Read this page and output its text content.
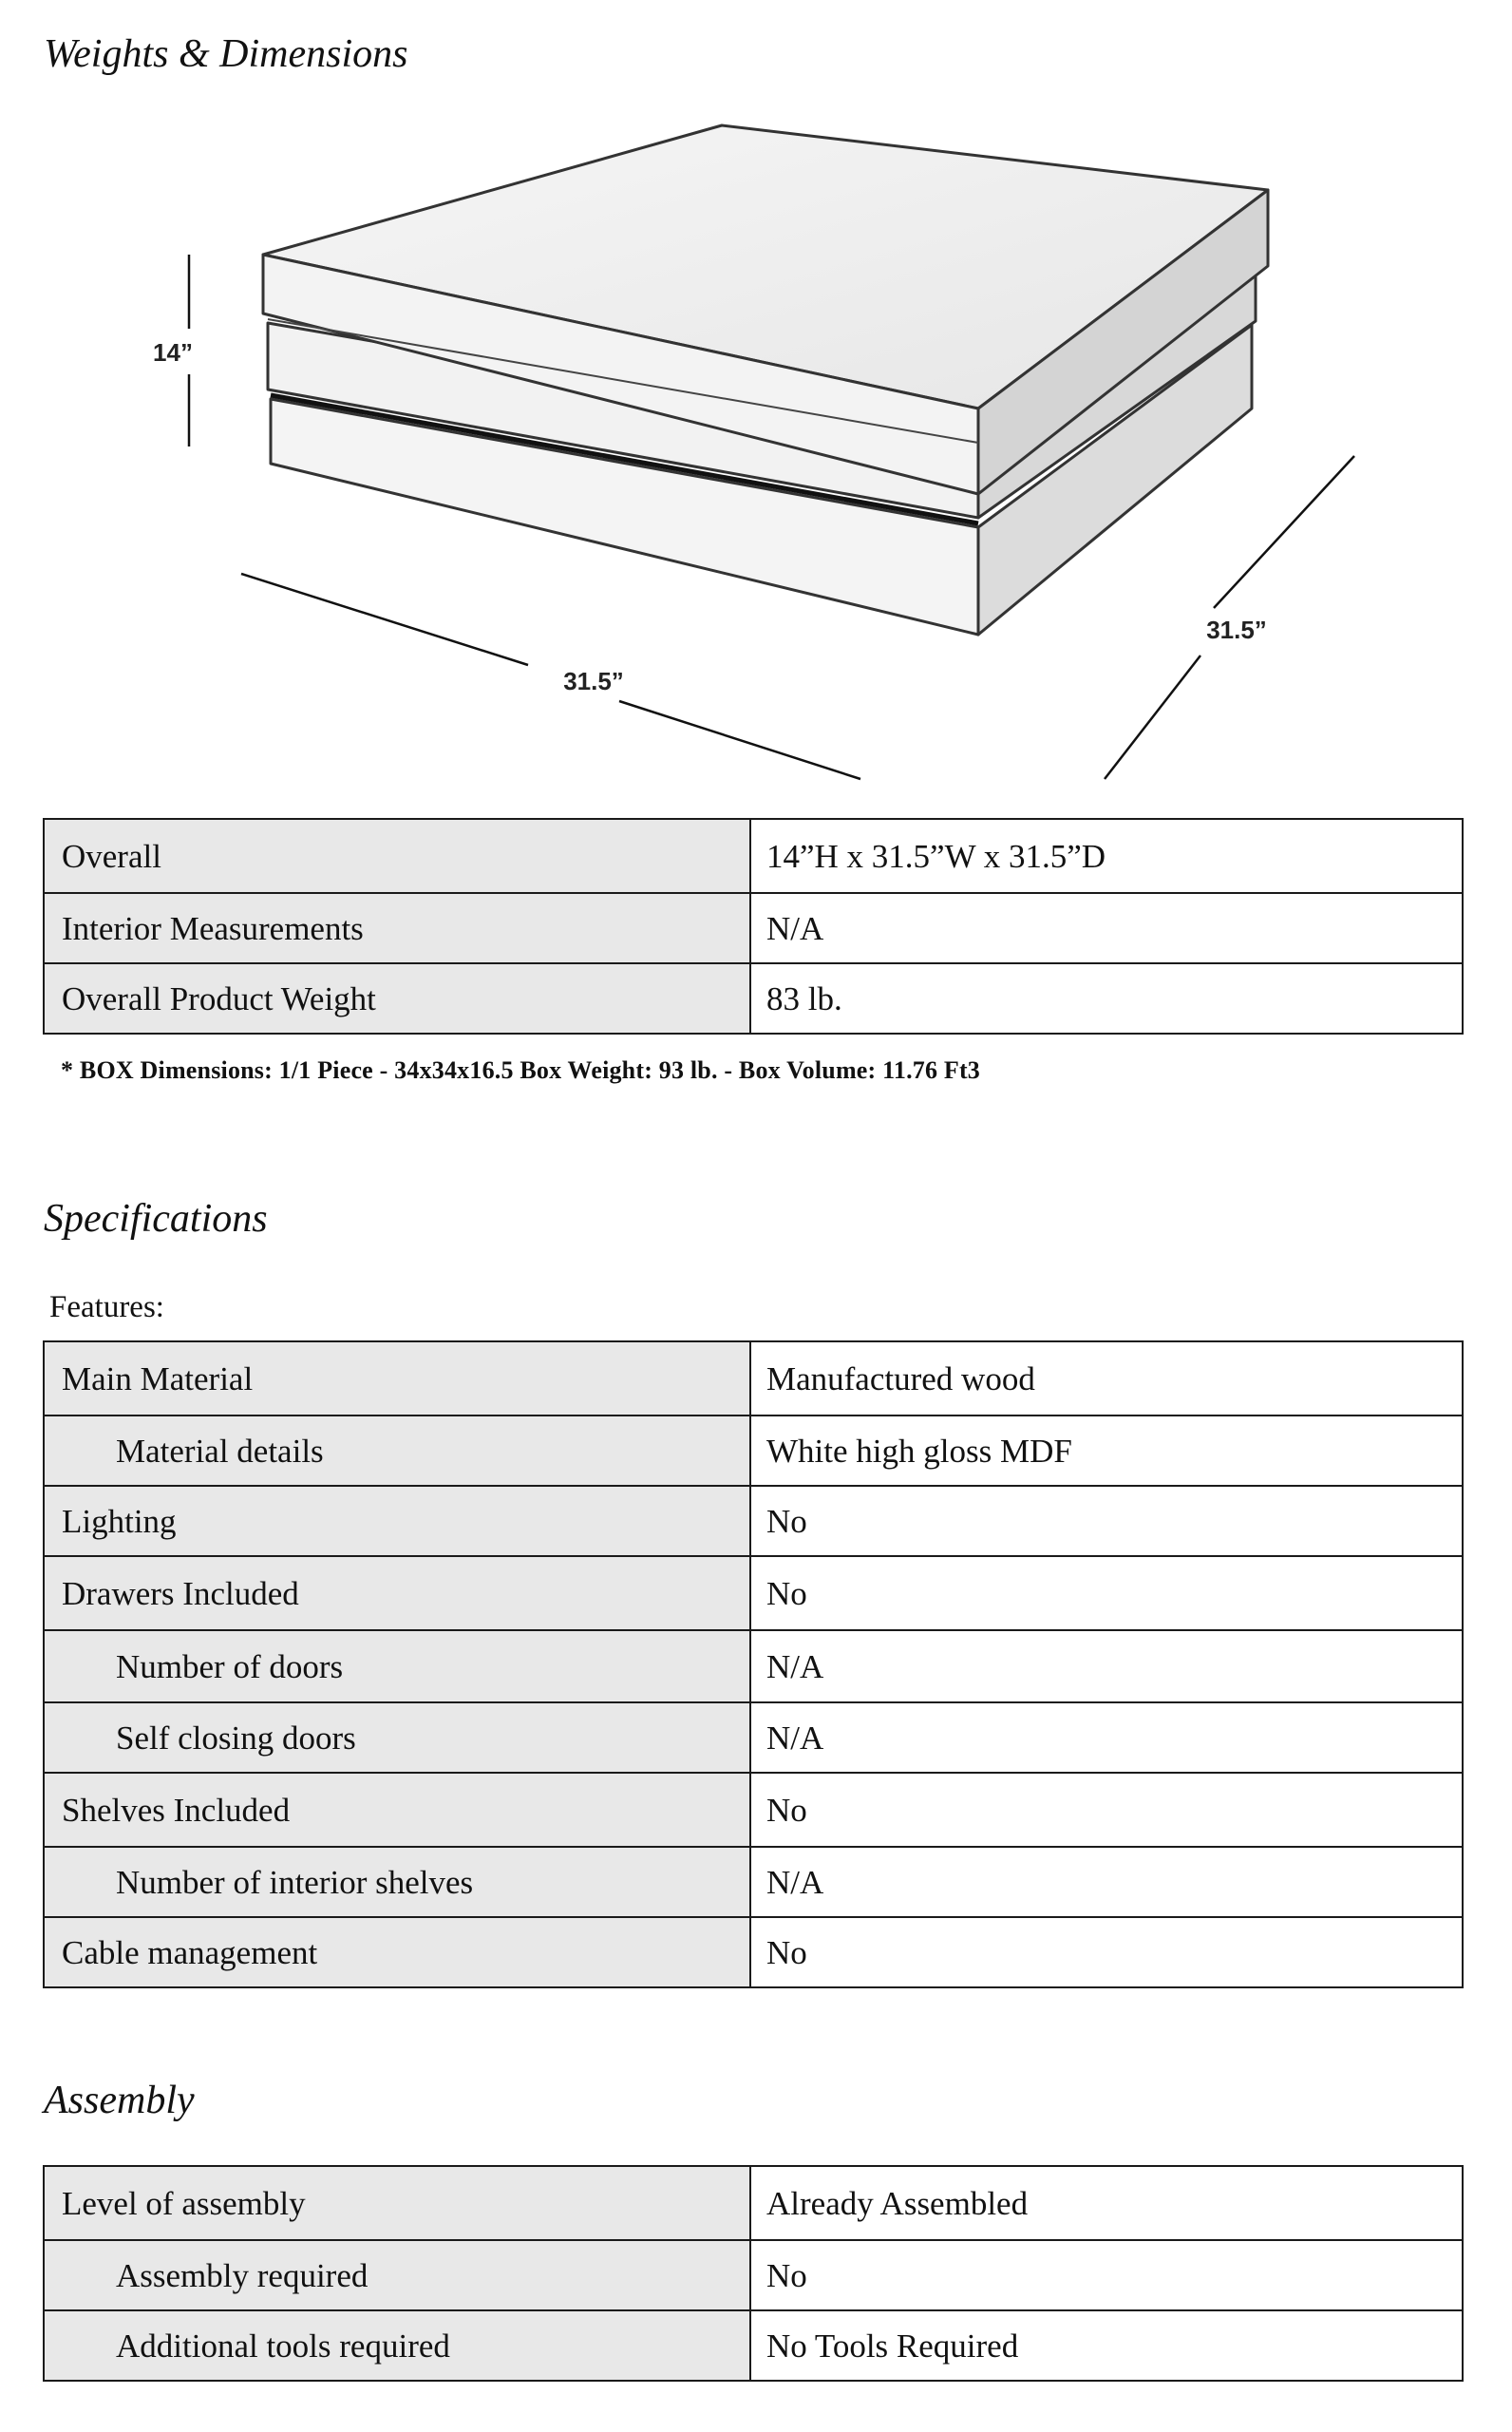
Weights & Dimensions
14”
31.5”
31.5”
Overall	14”H x 31.5”W x 31.5”D
Interior Measurements	N/A
Overall Product Weight	83 lb.
* BOX Dimensions: 1/1 Piece - 34x34x16.5 Box Weight: 93 lb. - Box Volume: 11.76 Ft3
Specifications
Features:
Main Material	Manufactured wood
Material details	White high gloss MDF
Lighting	No
Drawers Included	No
Number of doors	N/A
Self closing doors	N/A
Shelves Included	No
Number of interior shelves	N/A
Cable management	No
Assembly
Level of assembly	Already Assembled
Assembly required	No
Additional tools required	No Tools Required
